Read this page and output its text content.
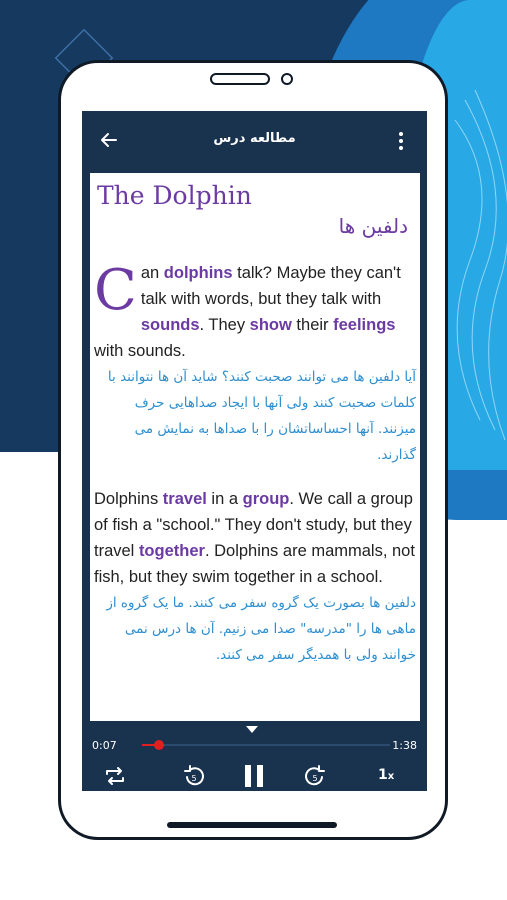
مطالعه درس
The Dolphin
دلفین ها

Can dolphins talk? Maybe they can't talk with words, but they talk with sounds. They show their feelings with sounds.

آیا دلفین ها می توانند صحبت کنند؟ شاید آن ها نتوانند با کلمات صحبت کنند ولی آنها با ایجاد صداهایی حرف میزنند. آنها احساساتشان را با صداها به نمایش می گذارند.

Dolphins travel in a group. We call a group of fish a "school." They don't study, but they travel together. Dolphins are mammals, not fish, but they swim together in a school.

دلفین ها بصورت یک گروه سفر می کنند. ما یک گروه از ماهی ها را "مدرسه" صدا می زنیم. آن ها درس نمی خوانند ولی با همدیگر سفر می کنند.

0:07	1:38
5	5	1x
